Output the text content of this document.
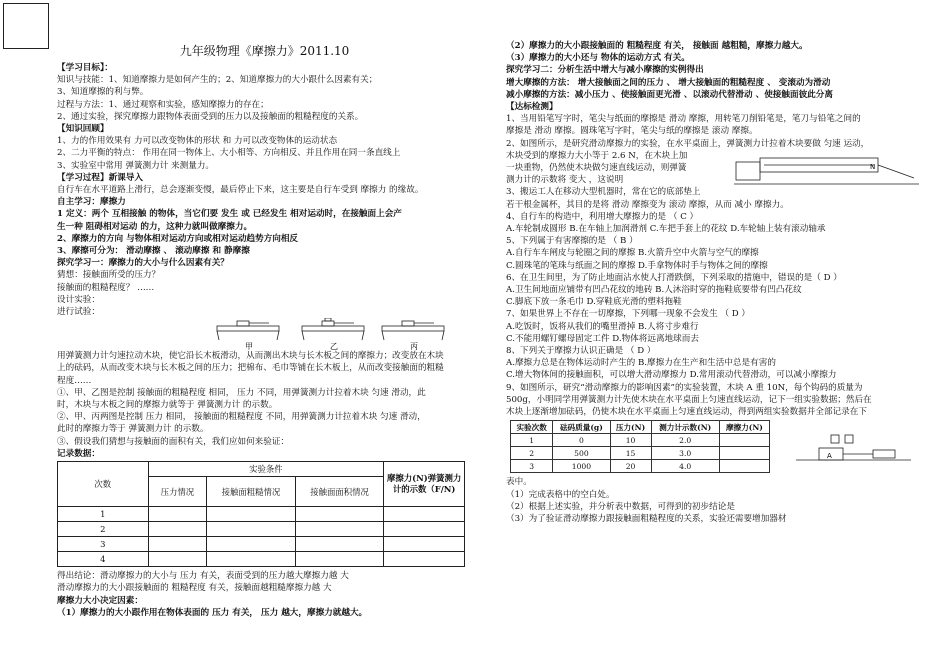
九年级物理《摩擦力》2011.10
【学习目标】：
知识与技能：1、知道摩擦力是如何产生的；2、知道摩擦力的大小跟什么因素有关；
3、知道摩擦的利与弊。
过程与方法：1、通过观察和实验，感知摩擦力的存在；
2、通过实验，探究摩擦力跟物体表面受到的压力以及接触面的粗糙程度的关系。
【知识回顾】
1、力的作用效果有 力可以改变物体的形状 和 力可以改变物体的运动状态
2、二力平衡的特点： 作用在同一物体上、大小相等、方向相反、并且作用在同一条直线上
3、实验室中常用 弹簧测力计 来测量力。
【学习过程】新课导入
自行车在水平道路上滑行，总会逐渐变慢，最后停止下来，这主要是自行车受到 摩擦力 的缘故。
自主学习：摩擦力
1 定义：两个 互相接触 的物体，当它们要 发生 或 已经发生 相对运动时，在接触面上会产
生一种 阻碍相对运动 的力，这种力就叫做摩擦力。
2、摩擦力的方向 与物体相对运动方向或相对运动趋势方向相反
3、摩擦可分为： 滑动摩擦 、 滚动摩擦 和 静摩擦
探究学习一：摩擦力的大小与什么因素有关？
猜想：接触面所受的压力？
接触面的粗糙程度？ ……
设计实验：
进行试验：
甲	乙	丙
用弹簧测力计匀速拉动木块，使它沿长木板滑动，从而测出木块与长木板之间的摩擦力；改变放在木块
上的砝码，从而改变木块与长木板之间的压力；把棉布、毛巾等铺在长木板上，从而改变接触面的粗糙
程度……
①、甲、乙图是控制 接触面的粗糙程度 相同， 压力 不同，用弹簧测力计拉着木块 匀速 滑动，此
时，木块与木板之间的摩擦力就等于 弹簧测力计 的示数。
②、甲、丙两图是控制 压力 相同， 接触面的粗糙程度 不同，用弹簧测力计拉着木块 匀速 滑动，
此时的摩擦力等于 弹簧测力计 的示数。
③、假设我们猜想与接触面的面积有关，我们应如何来验证：
记录数据：
次数	实验条件			摩擦力(N)弹簧测力计的示数（F/N)
	压力情况	接触面粗糙情况	接触面面积情况	
1				
2				
3				
4				
得出结论：滑动摩擦力的大小与 压力 有关，表面受到的压力越大摩擦力越 大
滑动摩擦力的大小跟接触面的 粗糙程度 有关，接触面越粗糙摩擦力越 大
摩擦力大小决定因素：
（1）摩擦力的大小跟作用在物体表面的 压力 有关， 压力 越大，摩擦力就越大。
（2）摩擦力的大小跟接触面的 粗糙程度 有关， 接触面 越粗糙，摩擦力越大。
（3）摩擦力的大小还与 物体的运动方式 有关。
探究学习二：分析生活中增大与减小摩擦的实例得出
增大摩擦的方法： 增大接触面之间的压力 、 增大接触面的粗糙程度 、 变滚动为滑动
减小摩擦的方法：减小压力 、使接触面更光滑 、以滚动代替滑动 、使接触面彼此分离
【达标检测】
1、当用铅笔写字时，笔尖与纸面的摩擦是 滑动 摩擦，用转笔刀削铅笔是，笔刀与铅笔之间的
摩擦是 滑动 摩擦。圆珠笔写字时，笔尖与纸的摩擦是 滚动 摩擦。
2、如图所示，是研究滑动摩擦力的实验，在水平桌面上，弹簧测力计拉着木块要做 匀速 运动，
木块受到的摩擦力大小等于 2.6 N，在木块上加
一块重物，仍然使木块做匀速直线运动，则弹簧
测力计的示数将 变大 ，这说明
3、搬运工人在移动大型机器时，常在它的底部垫上
若干根金属杯，其目的是将 滑动 摩擦变为 滚动 摩擦，从而 减小 摩擦力。
4、自行车的构造中，利用增大摩擦力的是 （ C ）
A.车轮制成圆形 B.在车轴上加润滑剂 C.车把手套上的花纹 D.车轮轴上装有滚动轴承
5、下列属于有害摩擦的是 （ B ）
A.自行车车闸皮与轮圈之间的摩擦 B.火箭升空中火箭与空气的摩擦
C.圆珠笔的笔珠与纸面之间的摩擦 D.手拿物体时手与物体之间的摩擦
6、在卫生间里，为了防止地面沾水使人打滑跌倒，下列采取的措施中，错误的是（ D ）
A.卫生间地面应铺带有凹凸花纹的地砖 B.人沐浴时穿的拖鞋底要带有凹凸花纹
C.脚底下放一条毛巾 D.穿鞋底光滑的塑料拖鞋
7、如果世界上不存在一切摩擦，下列哪一现象不会发生 （ D ）
A.吃饭时，饭将从我们的嘴里滑掉 B.人将寸步难行
C.不能用螺钉螺母固定工件 D.物体将远离地球而去
8、下列关于摩擦力认识正确是 （ D ）
A.摩擦力总是在物体运动时产生的 B.摩擦力在生产和生活中总是有害的
C.增大物体间的接触面积，可以增大滑动摩擦力 D.常用滚动代替滑动，可以减小摩擦力
9、如图所示，研究“滑动摩擦力的影响因素”的实验装置，木块 A 重 10N，每个钩码的质量为
500g，小明同学用弹簧测力计先使木块在水平桌面上匀速直线运动，记下一组实验数据；然后在
木块上逐渐增加砝码，仍使木块在水平桌面上匀速直线运动，得到两组实验数据并全部记录在下
实验次数	砝码质量(g)	压力(N)	测力计示数(N)	摩擦力(N)
1	0	10	2.0	
2	500	15	3.0	
3	1000	20	4.0	
A
表中。
（1）完成表格中的空白处。
（2）根据上述实验，并分析表中数据，可得到的初步结论是
（3）为了验证滑动摩擦力跟接触面粗糙程度的关系，实验还需要增加器材
N
